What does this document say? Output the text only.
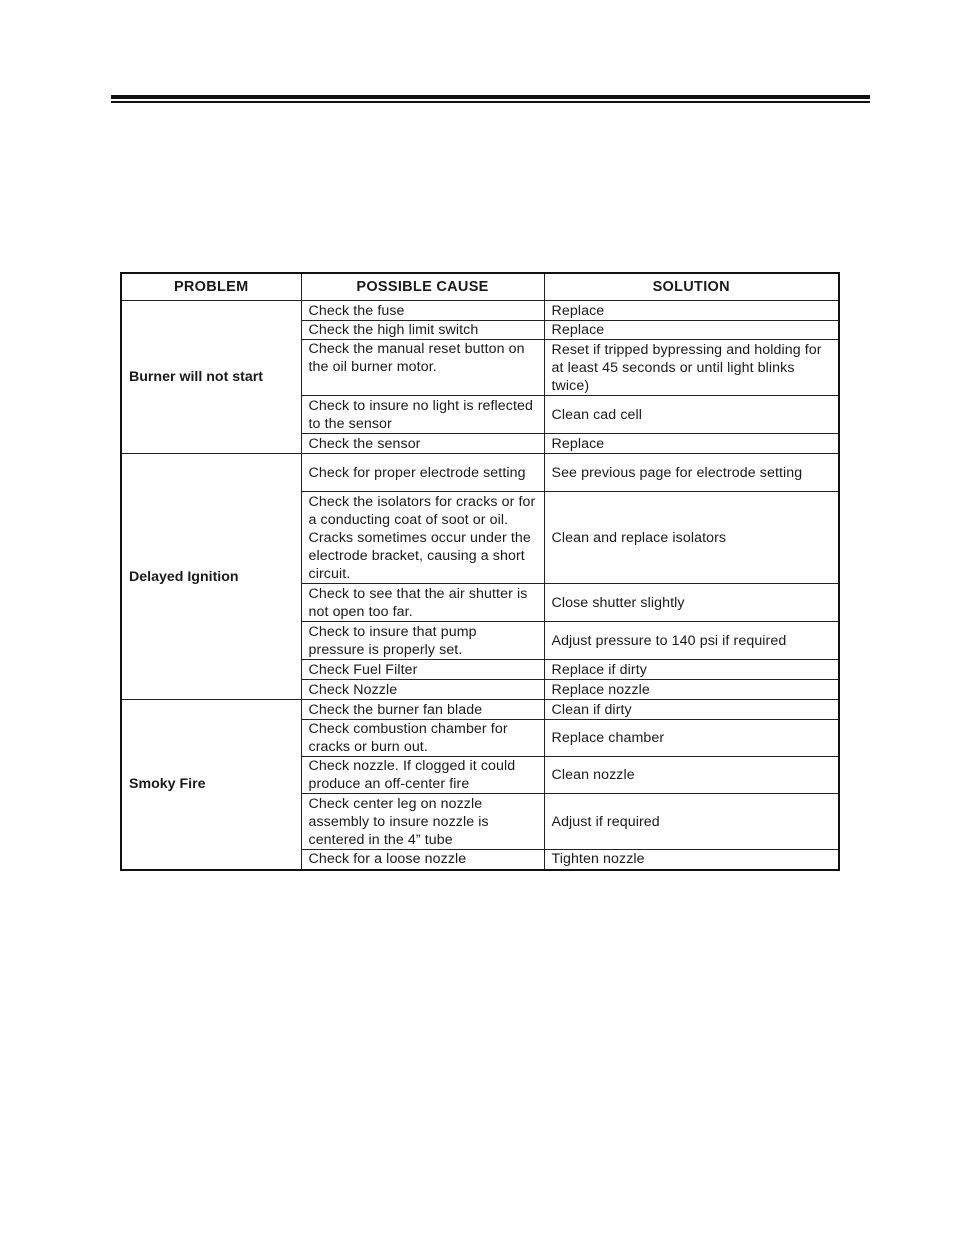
PROBLEM	POSSIBLE CAUSE	SOLUTION
Burner will not start	Check the fuse	Replace
	Check the high limit switch	Replace
	Check the manual reset button on the oil burner motor.	Reset if tripped bypressing and holding for at least 45 seconds or until light blinks twice)
	Check to insure no light is reflected to the sensor	Clean cad cell
	Check the sensor	Replace
Delayed Ignition	Check for proper electrode setting	See previous page for electrode setting
	Check the isolators for cracks or for a conducting coat of soot or oil. Cracks sometimes occur under the electrode bracket, causing a short circuit.	Clean and replace isolators
	Check to see that the air shutter is not open too far.	Close shutter slightly
	Check to insure that pump pressure is properly set.	Adjust pressure to 140 psi if required
	Check Fuel Filter	Replace if dirty
	Check Nozzle	Replace nozzle
Smoky Fire	Check the burner fan blade	Clean if dirty
	Check combustion chamber for cracks or burn out.	Replace chamber
	Check nozzle. If clogged it could produce an off-center fire	Clean nozzle
	Check center leg on nozzle assembly to insure nozzle is centered in the 4” tube	Adjust if required
	Check for a loose nozzle	Tighten nozzle
